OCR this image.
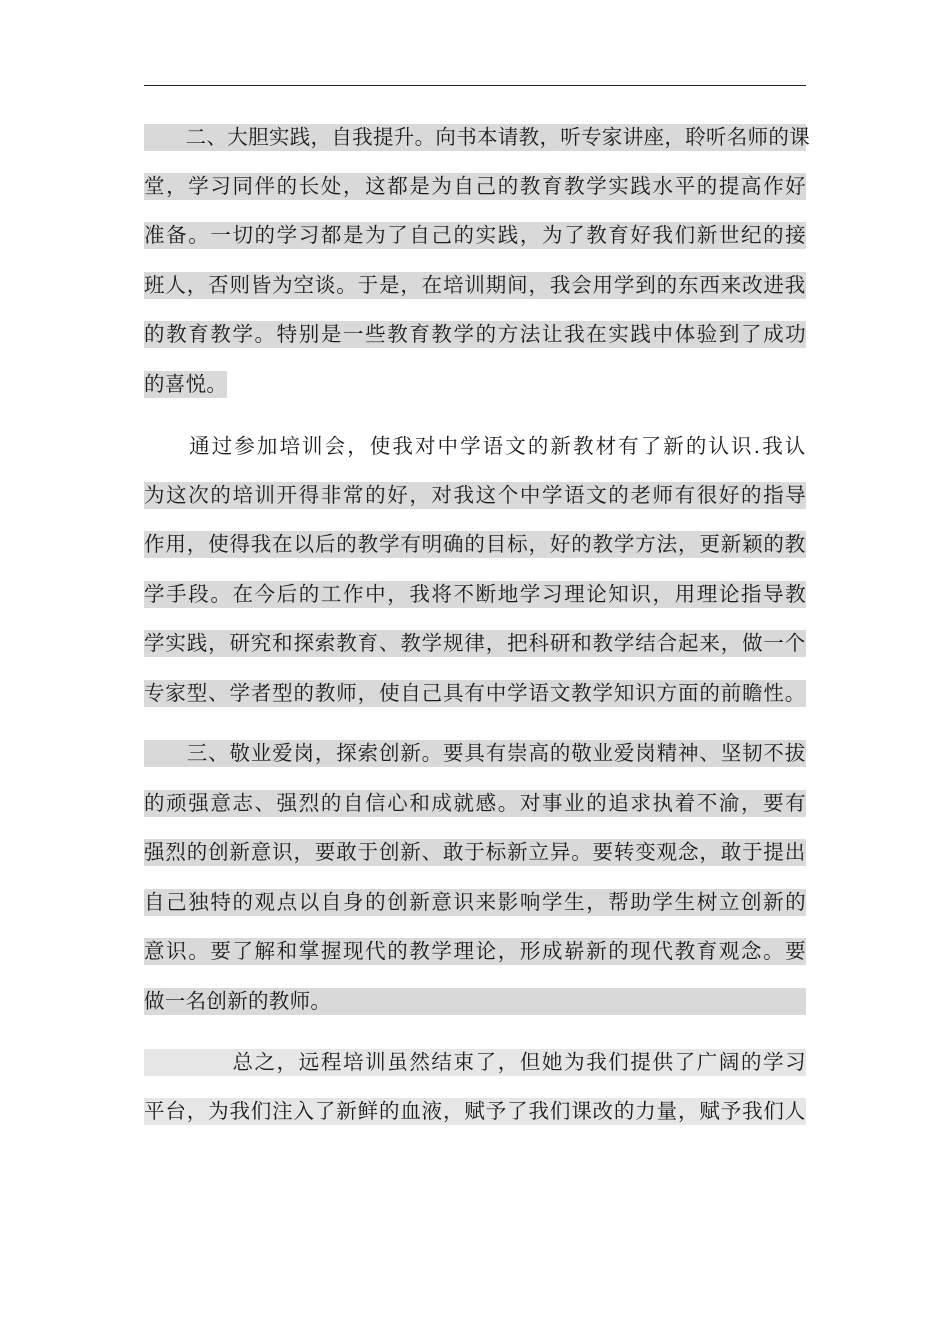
二 、 大 胆 实 践 ， 自 我 提 升 。 向 书 本 请 教 ， 听 专 家 讲 座 ， 聆 听 名 师 的 课
堂 ， 学 习 同 伴 的 长 处 ， 这 都 是 为 自 己 的 教 育 教 学 实 践 水 平 的 提 高 作 好
准 备 。 一 切 的 学 习 都 是 为 了 自 己 的 实 践 ， 为 了 教 育 好 我 们 新 世 纪 的 接
班 人 ， 否 则 皆 为 空 谈 。 于 是 ， 在 培 训 期 间 ， 我 会 用 学 到 的 东 西 来 改 进 我
的 教 育 教 学 。 特 别 是 一 些 教 育 教 学 的 方 法 让 我 在 实 践 中 体 验 到 了 成 功
的喜悦。

通 过 参 加 培 训 会 ， 使 我 对 中 学 语 文 的 新 教 材 有 了 新 的 认 识 . 我 认
为 这 次 的 培 训 开 得 非 常 的 好 ， 对 我 这 个 中 学 语 文 的 老 师 有 很 好 的 指 导
作 用 ， 使 得 我 在 以 后 的 教 学 有 明 确 的 目 标 ， 好 的 教 学 方 法 ， 更 新 颖 的 教
学 手 段 。 在 今 后 的 工 作 中 ， 我 将 不 断 地 学 习 理 论 知 识 ， 用 理 论 指 导 教
学 实 践 ， 研 究 和 探 索 教 育 、 教 学 规 律 ， 把 科 研 和 教 学 结 合 起 来 ， 做 一 个
专 家 型 、 学 者 型 的 教 师 ， 使 自 己 具 有 中 学 语 文 教 学 知 识 方 面 的 前 瞻 性 。

三 、 敬 业 爱 岗 ， 探 索 创 新 。 要 具 有 崇 高 的 敬 业 爱 岗 精 神 、 坚 韧 不 拔
的 顽 强 意 志 、 强 烈 的 自 信 心 和 成 就 感 。 对 事 业 的 追 求 执 着 不 渝 ， 要 有
强 烈 的 创 新 意 识 ， 要 敢 于 创 新 、 敢 于 标 新 立 异 。 要 转 变 观 念 ， 敢 于 提 出
自 己 独 特 的 观 点 以 自 身 的 创 新 意 识 来 影 响 学 生 ， 帮 助 学 生 树 立 创 新 的
意 识 。 要 了 解 和 掌 握 现 代 的 教 学 理 论 ， 形 成 崭 新 的 现 代 教 育 观 念 。 要
做一名创新的教师。

总 之 ， 远 程 培 训 虽 然 结 束 了 ， 但 她 为 我 们 提 供 了 广 阔 的 学 习
平 台 ， 为 我 们 注 入 了 新 鲜 的 血 液 ， 赋 予 了 我 们 课 改 的 力 量 ， 赋 予 我 们 人
